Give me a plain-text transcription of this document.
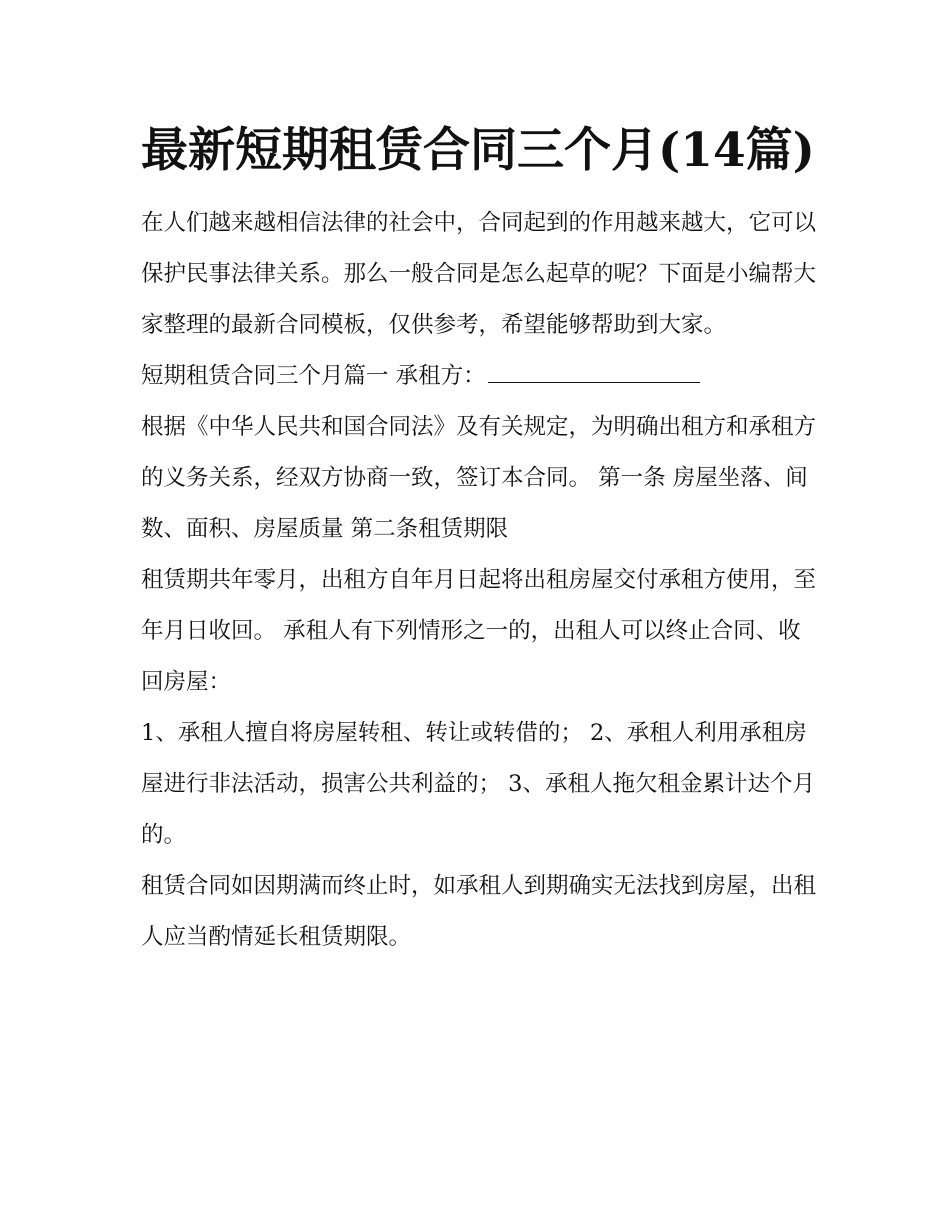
最新短期租赁合同三个月(14篇)

在人们越来越相信法律的社会中，合同起到的作用越来越大，它可以保护民事法律关系。那么一般合同是怎么起草的呢？下面是小编帮大家整理的最新合同模板，仅供参考，希望能够帮助到大家。

短期租赁合同三个月篇一 承租方：

根据《中华人民共和国合同法》及有关规定，为明确出租方和承租方的义务关系，经双方协商一致，签订本合同。 第一条 房屋坐落、间数、面积、房屋质量 第二条租赁期限

租赁期共年零月，出租方自年月日起将出租房屋交付承租方使用，至年月日收回。 承租人有下列情形之一的，出租人可以终止合同、收回房屋：

1、承租人擅自将房屋转租、转让或转借的； 2、承租人利用承租房屋进行非法活动，损害公共利益的； 3、承租人拖欠租金累计达个月的。

租赁合同如因期满而终止时，如承租人到期确实无法找到房屋，出租人应当酌情延长租赁期限。
